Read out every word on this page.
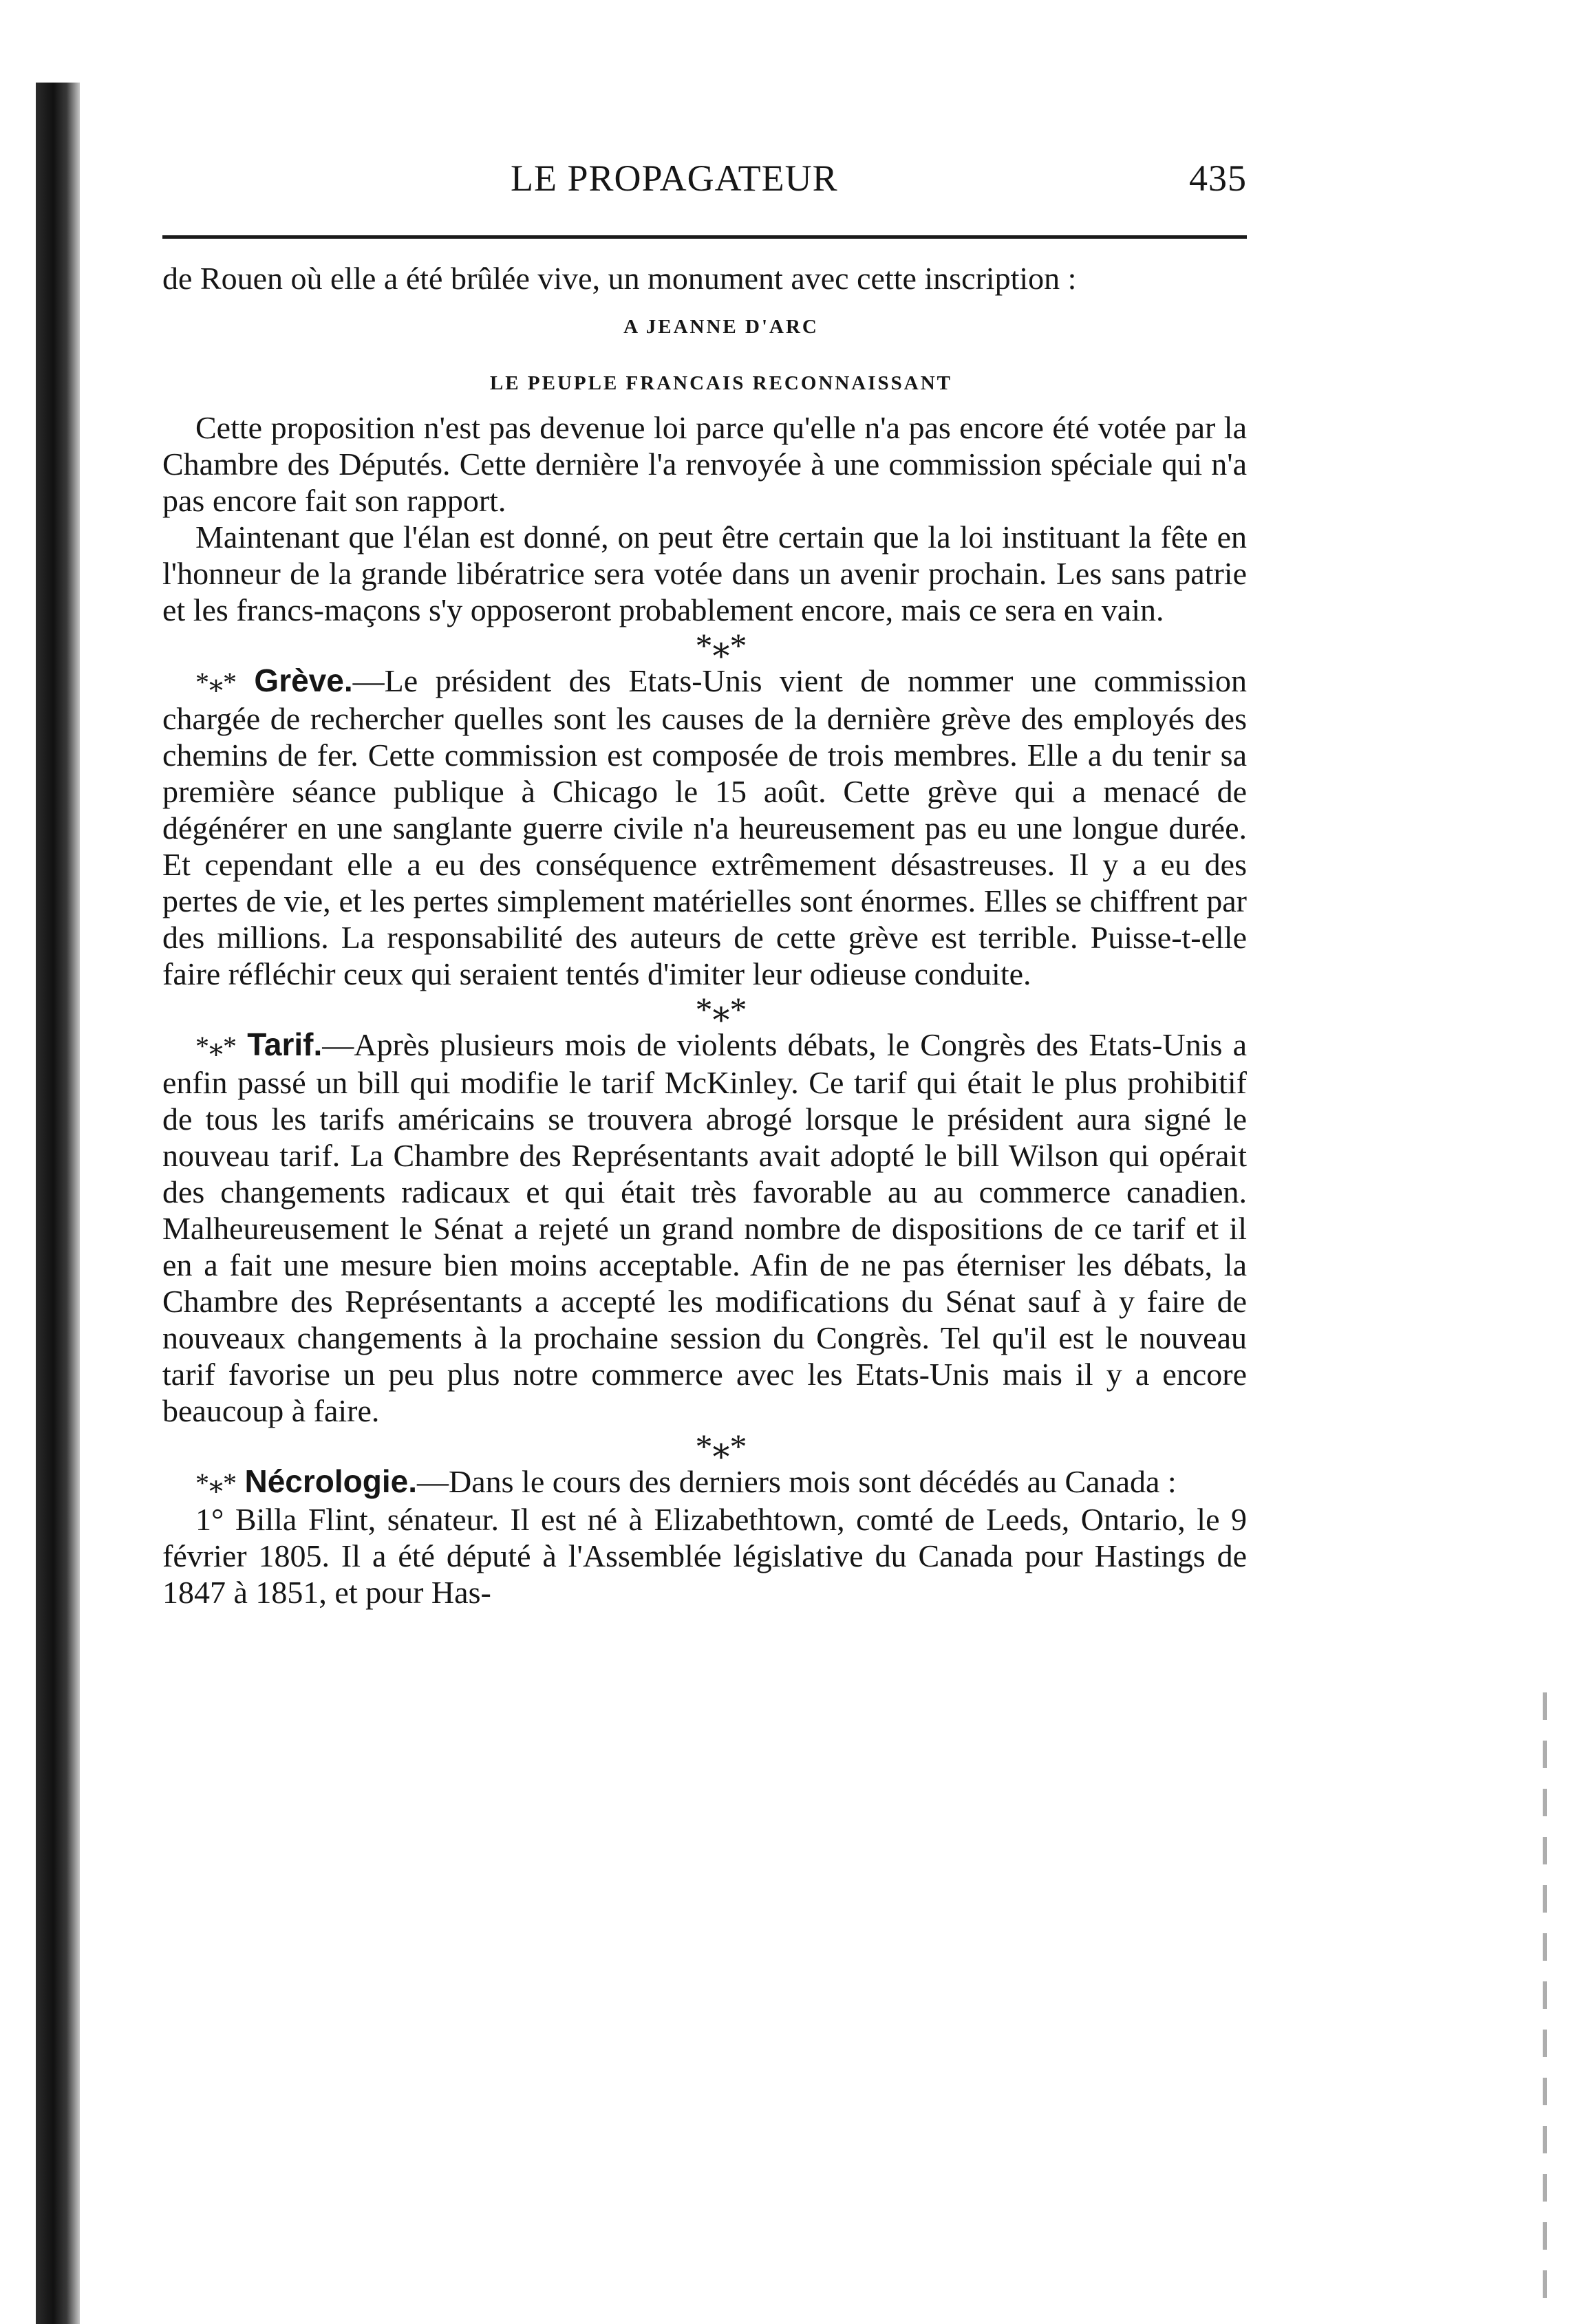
LE PROPAGATEUR	435

de Rouen où elle a été brûlée vive, un monument avec cette inscription :

A JEANNE D'ARC

LE PEUPLE FRANCAIS RECONNAISSANT

Cette proposition n'est pas devenue loi parce qu'elle n'a pas encore été votée par la Chambre des Députés. Cette dernière l'a renvoyée à une commission spéciale qui n'a pas encore fait son rapport.

Maintenant que l'élan est donné, on peut être certain que la loi instituant la fête en l'honneur de la grande libératrice sera votée dans un avenir prochain. Les sans patrie et les francs-maçons s'y opposeront probablement encore, mais ce sera en vain.

*⁎*

*⁎* Grève.—Le président des Etats-Unis vient de nommer une commission chargée de rechercher quelles sont les causes de la dernière grève des employés des chemins de fer. Cette commission est composée de trois membres. Elle a du tenir sa première séance publique à Chicago le 15 août. Cette grève qui a menacé de dégénérer en une sanglante guerre civile n'a heureusement pas eu une longue durée. Et cependant elle a eu des conséquence extrêmement désastreuses. Il y a eu des pertes de vie, et les pertes simplement matérielles sont énormes. Elles se chiffrent par des millions. La responsabilité des auteurs de cette grève est terrible. Puisse-t-elle faire réfléchir ceux qui seraient tentés d'imiter leur odieuse conduite.

*⁎*

*⁎* Tarif.—Après plusieurs mois de violents débats, le Congrès des Etats-Unis a enfin passé un bill qui modifie le tarif McKinley. Ce tarif qui était le plus prohibitif de tous les tarifs américains se trouvera abrogé lorsque le président aura signé le nouveau tarif. La Chambre des Représentants avait adopté le bill Wilson qui opérait des changements radicaux et qui était très favorable au au commerce canadien. Malheureusement le Sénat a rejeté un grand nombre de dispositions de ce tarif et il en a fait une mesure bien moins acceptable. Afin de ne pas éterniser les débats, la Chambre des Représentants a accepté les modifications du Sénat sauf à y faire de nouveaux changements à la prochaine session du Congrès. Tel qu'il est le nouveau tarif favorise un peu plus notre commerce avec les Etats-Unis mais il y a encore beaucoup à faire.

*⁎*

*⁎* Nécrologie.—Dans le cours des derniers mois sont décédés au Canada :

1° Billa Flint, sénateur. Il est né à Elizabethtown, comté de Leeds, Ontario, le 9 février 1805. Il a été député à l'Assemblée législative du Canada pour Hastings de 1847 à 1851, et pour Has-
